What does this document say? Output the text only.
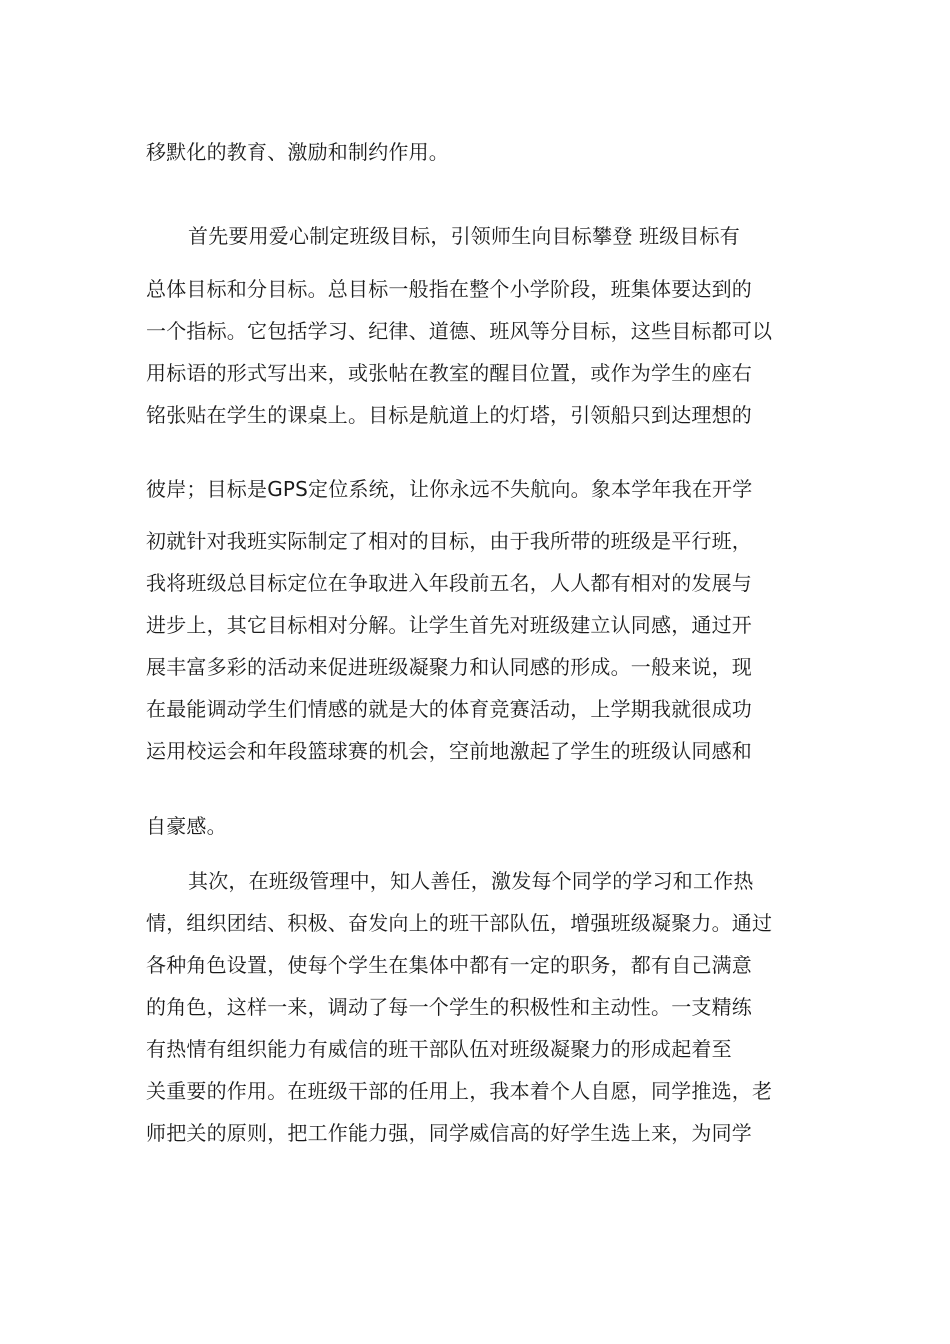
移默化的教育、激励和制约作用。
首先要用爱心制定班级目标，引领师生向目标攀登 班级目标有
总体目标和分目标。总目标一般指在整个小学阶段，班集体要达到的
一个指标。它包括学习、纪律、道德、班风等分目标，这些目标都可以
用标语的形式写出来，或张帖在教室的醒目位置，或作为学生的座右
铭张贴在学生的课桌上。目标是航道上的灯塔，引领船只到达理想的
彼岸；目标是GPS定位系统，让你永远不失航向。象本学年我在开学
初就针对我班实际制定了相对的目标，由于我所带的班级是平行班，
我将班级总目标定位在争取进入年段前五名，人人都有相对的发展与
进步上，其它目标相对分解。让学生首先对班级建立认同感，通过开
展丰富多彩的活动来促进班级凝聚力和认同感的形成。一般来说，现
在最能调动学生们情感的就是大的体育竞赛活动，上学期我就很成功
运用校运会和年段篮球赛的机会，空前地激起了学生的班级认同感和
自豪感。
其次，在班级管理中，知人善任，激发每个同学的学习和工作热
情，组织团结、积极、奋发向上的班干部队伍，增强班级凝聚力。通过
各种角色设置，使每个学生在集体中都有一定的职务，都有自己满意
的角色，这样一来，调动了每一个学生的积极性和主动性。一支精练
有热情有组织能力有威信的班干部队伍对班级凝聚力的形成起着至
关重要的作用。在班级干部的任用上，我本着个人自愿，同学推选，老
师把关的原则，把工作能力强，同学威信高的好学生选上来，为同学
